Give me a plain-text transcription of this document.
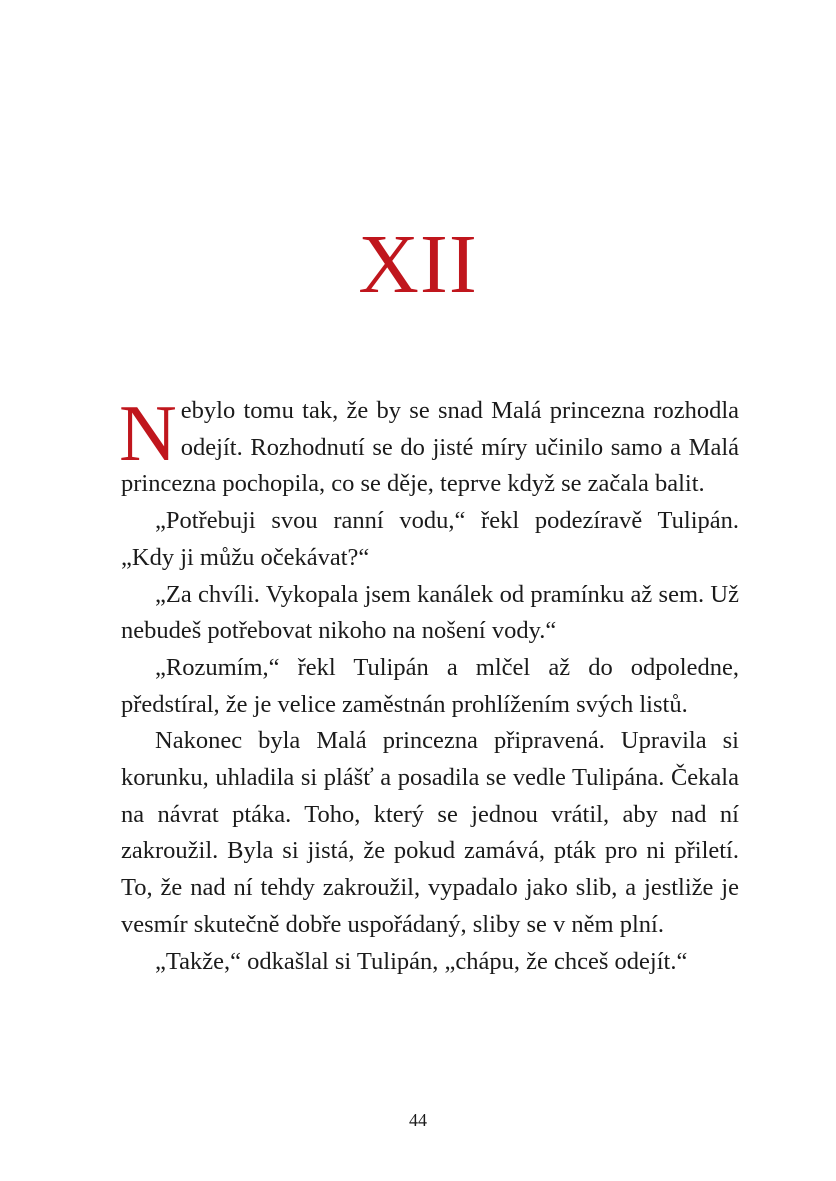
XII

Nebylo tomu tak, že by se snad Malá princezna rozhodla odejít. Rozhodnutí se do jisté míry učinilo samo a Malá princezna pochopila, co se děje, teprve když se začala balit.

„Potřebuji svou ranní vodu,“ řekl podezíravě Tulipán. „Kdy ji můžu očekávat?“

„Za chvíli. Vykopala jsem kanálek od pramínku až sem. Už nebudeš potřebovat nikoho na nošení vody.“

„Rozumím,“ řekl Tulipán a mlčel až do odpoledne, předstíral, že je velice zaměstnán prohlížením svých listů.

Nakonec byla Malá princezna připravená. Upravila si korunku, uhladila si plášť a posadila se vedle Tulipána. Čekala na návrat ptáka. Toho, který se jednou vrátil, aby nad ní zakroužil. Byla si jistá, že pokud zamává, pták pro ni přiletí. To, že nad ní tehdy zakroužil, vypadalo jako slib, a jestliže je vesmír skutečně dobře uspořádaný, sliby se v něm plní.

„Takže,“ odkašlal si Tulipán, „chápu, že chceš odejít.“

44
